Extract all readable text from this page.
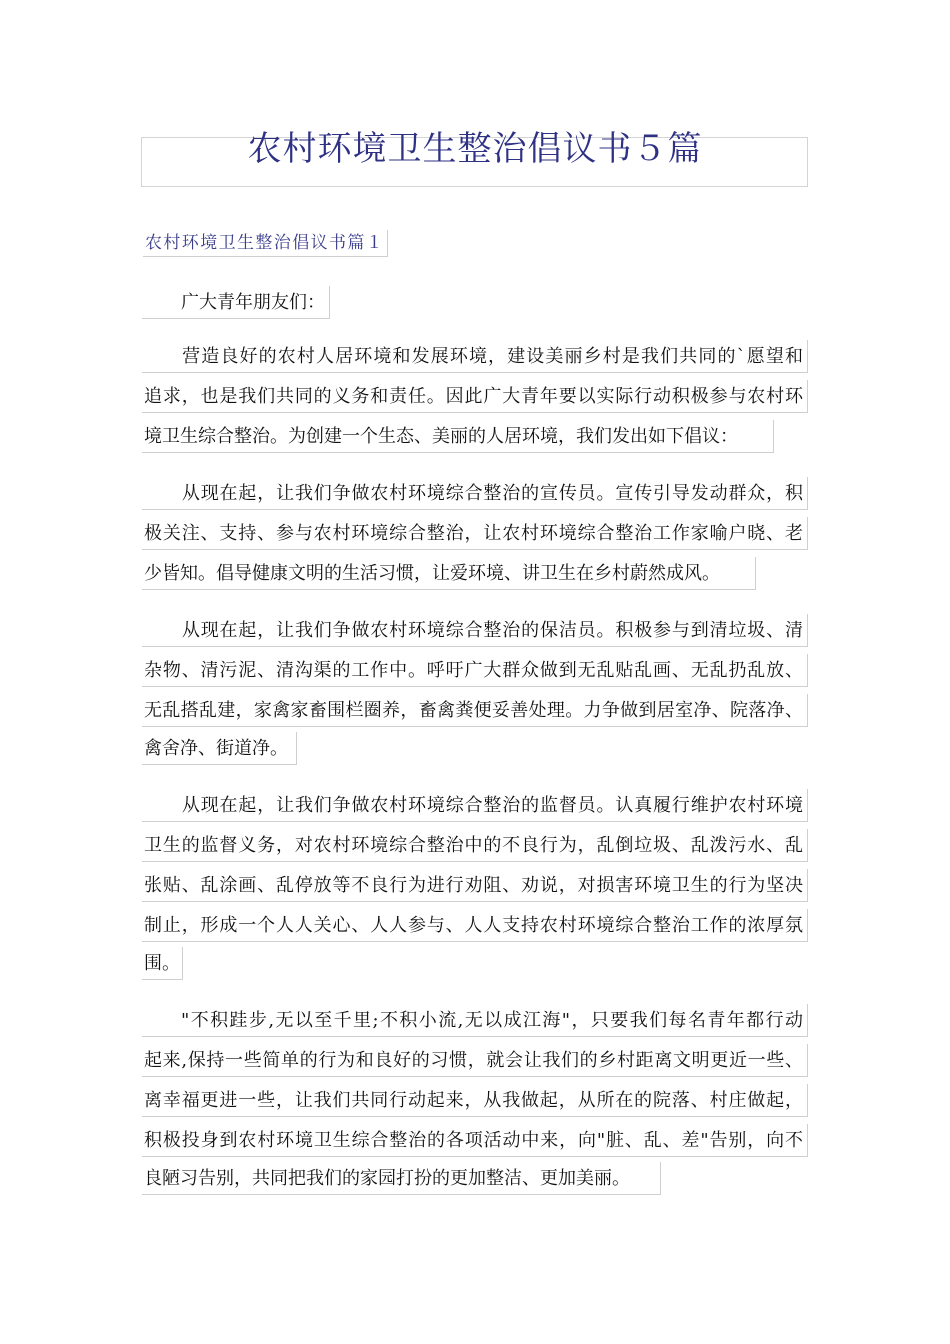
农村环境卫生整治倡议书５篇
农村环境卫生整治倡议书篇１
广大青年朋友们：
营造良好的农村人居环境和发展环境，建设美丽乡村是我们共同的`愿望和
追求，也是我们共同的义务和责任。因此广大青年要以实际行动积极参与农村环
境卫生综合整治。为创建一个生态、美丽的人居环境，我们发出如下倡议：
从现在起，让我们争做农村环境综合整治的宣传员。宣传引导发动群众，积
极关注、支持、参与农村环境综合整治，让农村环境综合整治工作家喻户晓、老
少皆知。倡导健康文明的生活习惯，让爱环境、讲卫生在乡村蔚然成风。
从现在起，让我们争做农村环境综合整治的保洁员。积极参与到清垃圾、清
杂物、清污泥、清沟渠的工作中。呼吁广大群众做到无乱贴乱画、无乱扔乱放、
无乱搭乱建，家禽家畜围栏圈养，畜禽粪便妥善处理。力争做到居室净、院落净、
禽舍净、街道净。
从现在起，让我们争做农村环境综合整治的监督员。认真履行维护农村环境
卫生的监督义务，对农村环境综合整治中的不良行为，乱倒垃圾、乱泼污水、乱
张贴、乱涂画、乱停放等不良行为进行劝阻、劝说，对损害环境卫生的行为坚决
制止，形成一个人人关心、人人参与、人人支持农村环境综合整治工作的浓厚氛
围。
"不积跬步,无以至千里;不积小流,无以成江海"，只要我们每名青年都行动
起来,保持一些简单的行为和良好的习惯，就会让我们的乡村距离文明更近一些、
离幸福更进一些，让我们共同行动起来，从我做起，从所在的院落、村庄做起，
积极投身到农村环境卫生综合整治的各项活动中来，向"脏、乱、差"告别，向不
良陋习告别，共同把我们的家园打扮的更加整洁、更加美丽。
